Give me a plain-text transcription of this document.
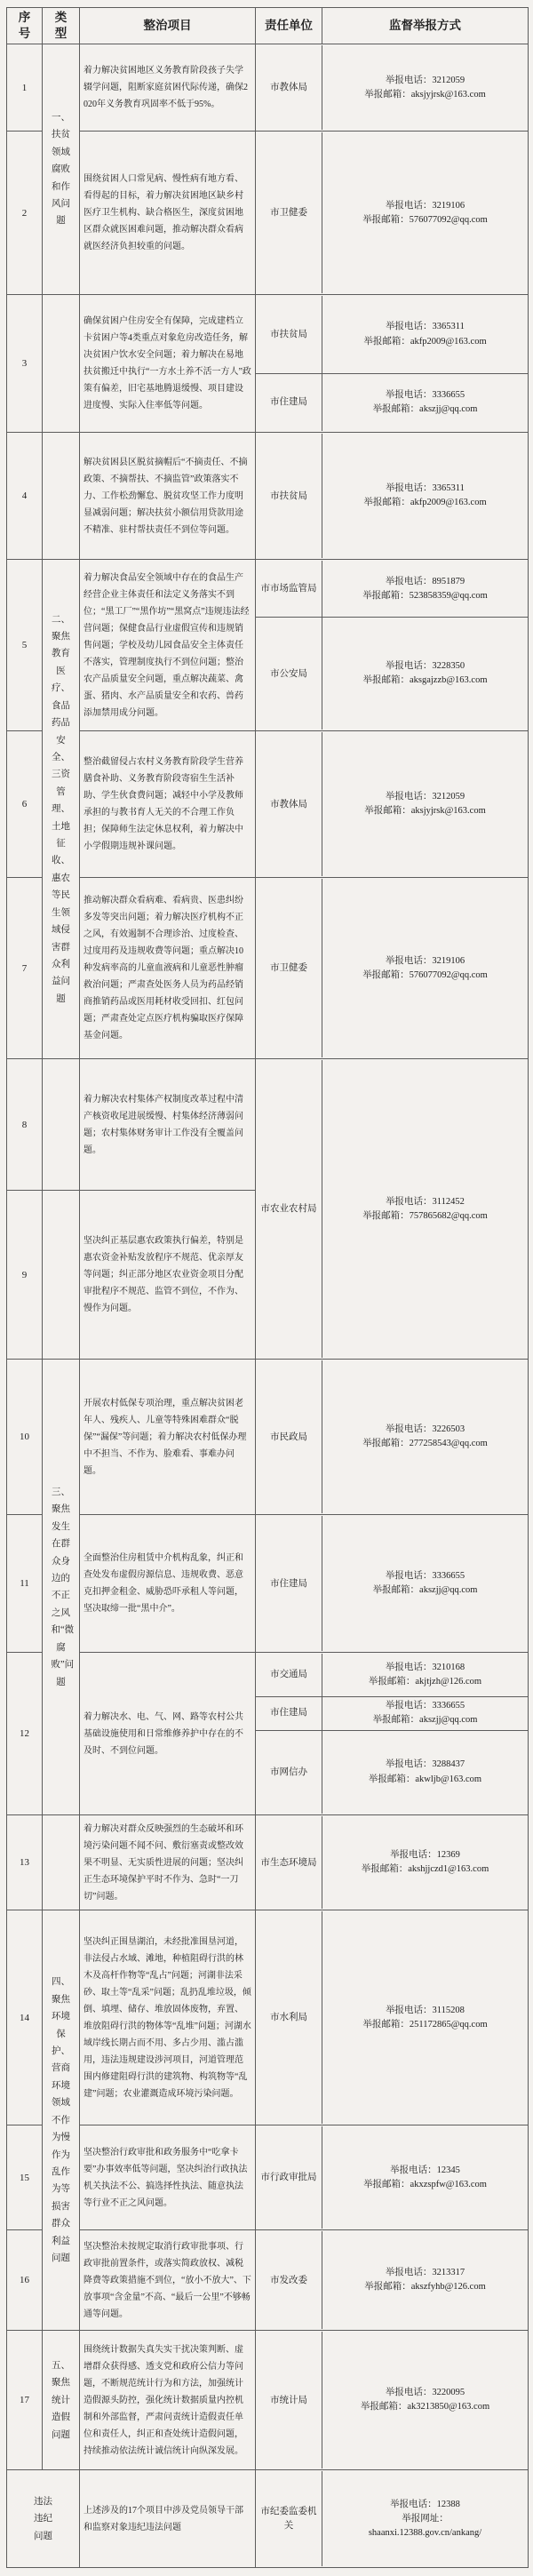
序号	类型	整治项目	责任单位	监督举报方式
1	一、扶贫领域腐败和作风问题	着力解决贫困地区义务教育阶段孩子失学辍学问题，阻断家庭贫困代际传递，确保2020年义务教育巩固率不低于95%。	市教体局
举报电话：3212059
举报邮箱：aksjyjrsk@163.com	

2		围绕贫困人口常见病、慢性病有地方看、看得起的目标，着力解决贫困地区缺乡村医疗卫生机构、缺合格医生，深度贫困地区群众就医困难问题，推动解决群众看病就医经济负担较重的问题。	市卫健委
举报电话：3219106
举报邮箱：576077092@qq.com	

3		确保贫困户住房安全有保障，完成建档立卡贫困户等4类重点对象危房改造任务，解决贫困户饮水安全问题；着力解决在易地扶贫搬迁中执行“一方水土养不活一方人”政策有偏差，旧宅基地腾退缓慢、项目建设进度慢、实际入住率低等问题。	
市扶贫局
举报电话：3365311
举报邮箱：akfp2009@163.com
市住建局
举报电话：3336655
举报邮箱：akszjj@qq.com

4		解决贫困县区脱贫摘帽后“不摘责任、不摘政策、不摘帮扶、不摘监管”政策落实不力、工作松劲懈怠、脱贫攻坚工作力度明显减弱问题；解决扶贫小额信用贷款用途不精准、驻村帮扶责任不到位等问题。	市扶贫局
举报电话：3365311
举报邮箱：akfp2009@163.com	

5	二、聚焦教育医疗、食品药品安全、三资管理、土地征收、惠农等民生领域侵害群众利益问题	着力解决食品安全领域中存在的食品生产经营企业主体责任和法定义务落实不到位；“黑工厂”“黑作坊”“黑窝点”违规违法经营问题；保健食品行业虚假宣传和违规销售问题；学校及幼儿园食品安全主体责任不落实，管理制度执行不到位问题；整治农产品质量安全问题，重点解决蔬菜、禽蛋、猪肉、水产品质量安全和农药、兽药添加禁用成分问题。	
市市场监管局
举报电话：8951879
举报邮箱：523858359@qq.com
市公安局
举报电话：3228350
举报邮箱：aksgajzzb@163.com

6		整治截留侵占农村义务教育阶段学生营养膳食补助、义务教育阶段寄宿生生活补助、学生伙食费问题；减轻中小学及教师承担的与教书育人无关的不合理工作负担；保障师生法定休息权利，着力解决中小学假期违规补课问题。	市教体局
举报电话：3212059
举报邮箱：aksjyjrsk@163.com	

7		推动解决群众看病难、看病贵、医患纠纷多发等突出问题；着力解决医疗机构不正之风，有效遏制不合理诊治、过度检查、过度用药及违规收费等问题；重点解决10种发病率高的儿童血液病和儿童恶性肿瘤救治问题；严肃查处医务人员为药品经销商推销药品或医用耗材收受回扣、红包问题；严肃查处定点医疗机构骗取医疗保障基金问题。	市卫健委
举报电话：3219106
举报邮箱：576077092@qq.com	

8		着力解决农村集体产权制度改革过程中清产核资收尾进展缓慢、村集体经济薄弱问题；农村集体财务审计工作没有全覆盖问题。	市农业农村局
举报电话：3112452
举报邮箱：757865682@qq.com	

9		坚决纠正基层惠农政策执行偏差，特别是惠农资金补贴发放程序不规范、优亲厚友等问题；纠正部分地区农业资金项目分配审批程序不规范、监管不到位，不作为、慢作为问题。		
10	三、聚焦发生在群众身边的不正之风和“微腐败”问题	开展农村低保专项治理，重点解决贫困老年人、残疾人、儿童等特殊困难群众“脱保”“漏保”等问题；着力解决农村低保办理中不担当、不作为、脸难看、事难办问题。	市民政局
举报电话：3226503
举报邮箱：277258543@qq.com	

11		全面整治住房租赁中介机构乱象，纠正和查处发布虚假房源信息、违规收费、恶意克扣押金租金、威胁恐吓承租人等问题，坚决取缔一批“黑中介”。	市住建局
举报电话：3336655
举报邮箱：akszjj@qq.com	

12	着力解决水、电、气、网、路等农村公共基础设施使用和日常维修养护中存在的不及时、不到位问题。	
市交通局
举报电话：3210168
举报邮箱：akjtjzh@126.com
市住建局
举报电话：3336655
举报邮箱：akszjj@qq.com
市网信办
举报电话：3288437
举报邮箱：akwljb@163.com

13		着力解决对群众反映强烈的生态破坏和环境污染问题不闻不问、敷衍塞责或整改效果不明显、无实质性进展的问题；坚决纠正生态环境保护平时不作为、急时“一刀切”问题。	市生态环境局
举报电话：12369
举报邮箱：akshjjczd1@163.com	

14	四、聚焦环境保护、营商环境领域不作为慢作为乱作为等损害群众利益问题	坚决纠正围垦湖泊，未经批准围垦河道，非法侵占水域、滩地，种植阻碍行洪的林木及高杆作物等“乱占”问题；河湖非法采砂、取土等“乱采”问题；乱扔乱堆垃圾，倾倒、填埋、储存、堆放固体废物，弃置、堆放阻碍行洪的物体等“乱堆”问题；河湖水域岸线长期占而不用、多占少用、滥占滥用，违法违规建设涉河项目，河道管理范围内修建阻碍行洪的建筑物、构筑物等“乱建”问题；农业灌溉造成环境污染问题。	市水利局
举报电话：3115208
举报邮箱：251172865@qq.com	

15		坚决整治行政审批和政务服务中“吃拿卡要”办事效率低等问题，坚决纠治行政执法机关执法不公、搞选择性执法、随意执法等行业不正之风问题。	市行政审批局
举报电话：12345
举报邮箱：akxzspfw@163.com	

16		坚决整治未按规定取消行政审批事项、行政审批前置条件，或落实简政放权、减税降费等政策措施不到位，“放小不放大”、下放事项“含金量”不高、“最后一公里”不够畅通等问题。	市发改委
举报电话：3213317
举报邮箱：akszfyhb@126.com	

17	五、聚焦统计造假问题	围绕统计数据失真失实干扰决策判断、虚增群众获得感、透支党和政府公信力等问题，不断规范统计行为和方法，加强统计造假源头防控，强化统计数据质量内控机制和外部监督，严肃问责统计造假责任单位和责任人，纠正和查处统计造假问题，持续推动依法统计诚信统计向纵深发展。	市统计局
举报电话：3220095
举报邮箱：ak3213850@163.com	

违法违纪问题		上述涉及的17个项目中涉及党员领导干部和监察对象违纪违法问题	市纪委监委机关
举报电话：12388
举报网址：
shaanxi.12388.gov.cn/ankang/	
